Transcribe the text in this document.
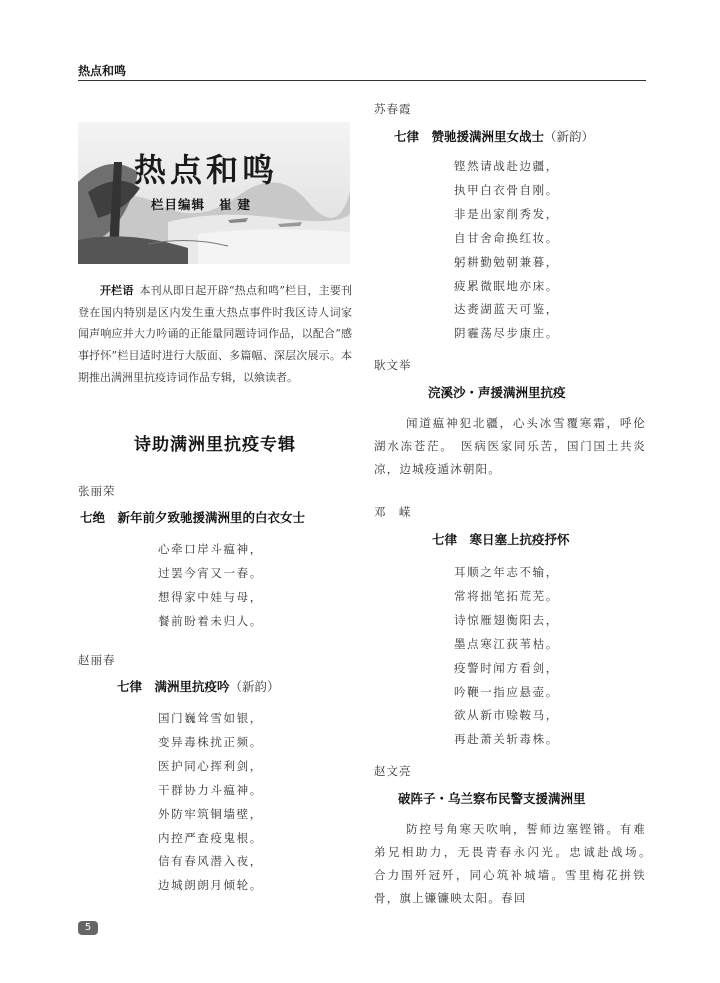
热点和鸣
热点和鸣
栏目编辑 崔建
开栏语 本刊从即日起开辟“热点和鸣”栏目，主要刊登在国内特别是区内发生重大热点事件时我区诗人词家闻声响应并大力吟诵的正能量同题诗词作品，以配合“感事抒怀”栏目适时进行大版面、多篇幅、深层次展示。本期推出满洲里抗疫诗词作品专辑，以飨读者。
诗助满洲里抗疫专辑
张丽荣
七绝　新年前夕致驰援满洲里的白衣女士
心牵口岸斗瘟神，
过罢今宵又一春。
想得家中娃与母，
餐前盼着未归人。
赵丽春
七律　满洲里抗疫吟（新韵）
国门巍耸雪如银，
变异毒株扰正频。
医护同心挥利剑，
干群协力斗瘟神。
外防牢筑铜墙壁，
内控严查疫鬼根。
信有春风潜入夜，
边城朗朗月倾轮。
苏春霞
七律　赞驰援满洲里女战士（新韵）
铿然请战赴边疆，
执甲白衣骨自刚。
非是出家削秀发，
自甘舍命换红妆。
躬耕勤勉朝兼暮，
疲累微眠地亦床。
达赉湖蓝天可鉴，
阴霾荡尽步康庄。
耿文举
浣溪沙・声援满洲里抗疫
闻道瘟神犯北疆，心头冰雪覆寒霜，呼伦湖水冻苍茫。　医病医家同乐苦，国门国土共炎凉，边城疫遁沐朝阳。
邓　嵘
七律　寒日塞上抗疫抒怀
耳顺之年志不输，
常将拙笔拓荒芜。
诗惊雁翅衡阳去，
墨点寒江荻苇枯。
疫警时闻方看剑，
吟鞭一指应悬壶。
欲从新市赊鞍马，
再赴萧关斩毒株。
赵文亮
破阵子・乌兰察布民警支援满洲里
防控号角寒天吹响，誓师边塞铿锵。有难弟兄相助力，无畏青春永闪光。忠诚赴战场。　合力围歼冠歼，同心筑补城墙。雪里梅花拼铁骨，旗上镰镰映太阳。春回
5
